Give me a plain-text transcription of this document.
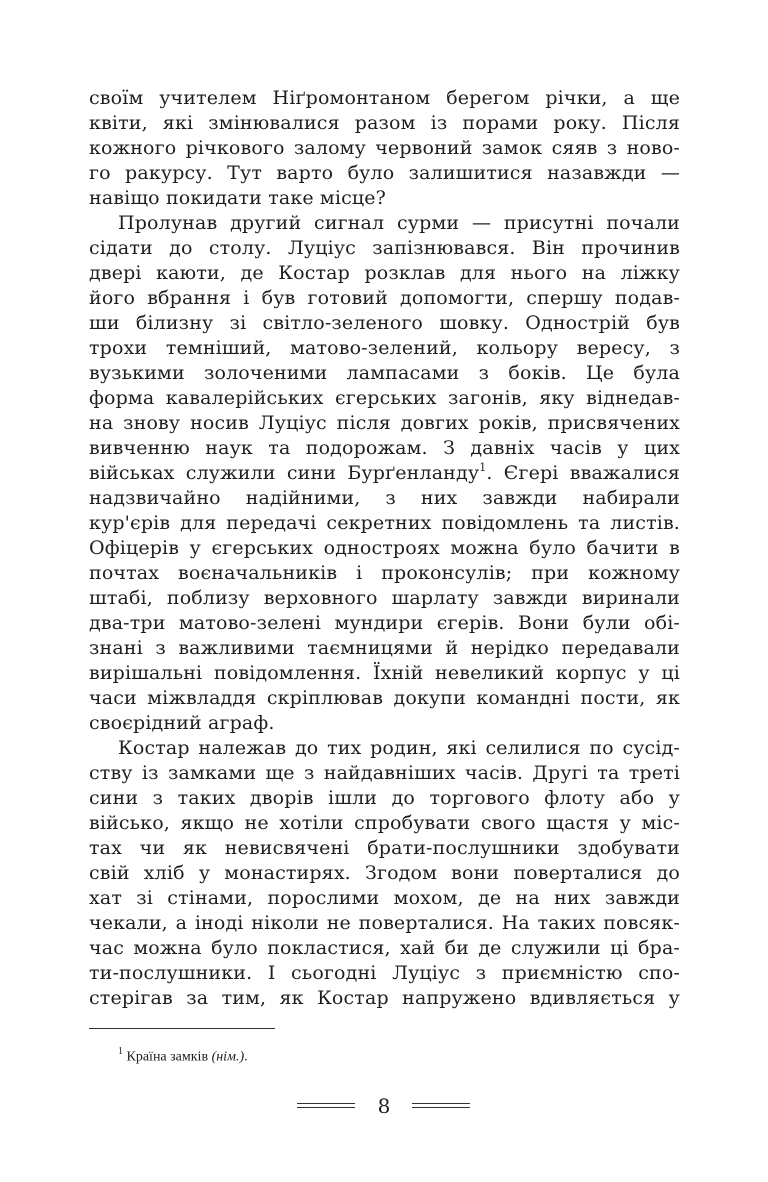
своїм учителем Ніґромонтаном берегом річки, а ще
квіти, які змінювалися разом із порами року. Після
кожного річкового залому червоний замок сяяв з ново-
го ракурсу. Тут варто було залишитися назавжди —
навіщо покидати таке місце?
Пролунав другий сигнал сурми — присутні почали
сідати до столу. Луціус запізнювався. Він прочинив
двері каюти, де Костар розклав для нього на ліжку
його вбрання і був готовий допомогти, спершу подав-
ши білизну зі світло-зеленого шовку. Однострій був
трохи темніший, матово-зелений, кольору вересу, з
вузькими золоченими лампасами з боків. Це була
форма кавалерійських єгерських загонів, яку віднедав-
на знову носив Луціус після довгих років, присвячених
вивченню наук та подорожам. З давніх часів у цих
військах служили сини Бурґенланду$^1$. Єгері вважалися
надзвичайно надійними, з них завжди набирали
кур'єрів для передачі секретних повідомлень та листів.
Офіцерів у єгерських одностроях можна було бачити в
почтах воєначальників і проконсулів; при кожному
штабі, поблизу верховного шарлату завжди виринали
два-три матово-зелені мундири єгерів. Вони були обі-
знані з важливими таємницями й нерідко передавали
вирішальні повідомлення. Їхній невеликий корпус у ці
часи міжвладдя скріплював докупи командні пости, як
своєрідний аграф.
Костар належав до тих родин, які селилися по сусід-
ству із замками ще з найдавніших часів. Другі та треті
сини з таких дворів ішли до торгового флоту або у
військо, якщо не хотіли спробувати свого щастя у міс-
тах чи як невисвячені брати-послушники здобувати
свій хліб у монастирях. Згодом вони поверталися до
хат зі стінами, порослими мохом, де на них завжди
чекали, а іноді ніколи не поверталися. На таких повсяк-
час можна було покластися, хай би де служили ці бра-
ти-послушники. І сьогодні Луціус з приємністю спо-
стерігав за тим, як Костар напружено вдивляється у
$^1$ Країна замків (нім.).
8
